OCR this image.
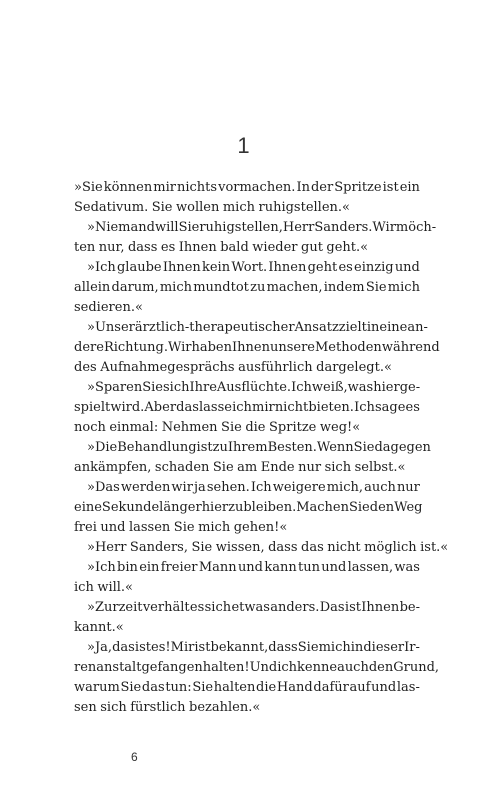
1
»Sie können mir nichts vormachen. In der Spritze ist ein
Sedativum. Sie wollen mich ruhigstellen.«
»Niemand will Sie ruhigstellen, Herr Sanders. Wir möch-
ten nur, dass es Ihnen bald wieder gut geht.«
»Ich glaube Ihnen kein Wort. Ihnen geht es einzig und
allein darum, mich mundtot zu machen, indem Sie mich
sedieren.«
»Unser ärztlich-therapeutischer Ansatz zielt in eine an-
dere Richtung. Wir haben Ihnen unsere Methoden während
des Aufnahmegesprächs ausführlich dargelegt.«
»Sparen Sie sich Ihre Ausflüchte. Ich weiß, was hier ge-
spielt wird. Aber das lasse ich mir nicht bieten. Ich sage es
noch einmal: Nehmen Sie die Spritze weg!«
»Die Behandlung ist zu Ihrem Besten. Wenn Sie dagegen
ankämpfen, schaden Sie am Ende nur sich selbst.«
»Das werden wir ja sehen. Ich weigere mich, auch nur
eine Sekunde länger hierzubleiben. Machen Sie den Weg
frei und lassen Sie mich gehen!«
»Herr Sanders, Sie wissen, dass das nicht möglich ist.«
»Ich bin ein freier Mann und kann tun und lassen, was
ich will.«
»Zurzeit verhält es sich etwas anders. Das ist Ihnen be-
kannt.«
»Ja, das ist es! Mir ist bekannt, dass Sie mich in dieser Ir-
renanstalt gefangen halten! Und ich kenne auch den Grund,
warum Sie das tun: Sie halten die Hand dafür auf und las-
sen sich fürstlich bezahlen.«
6
